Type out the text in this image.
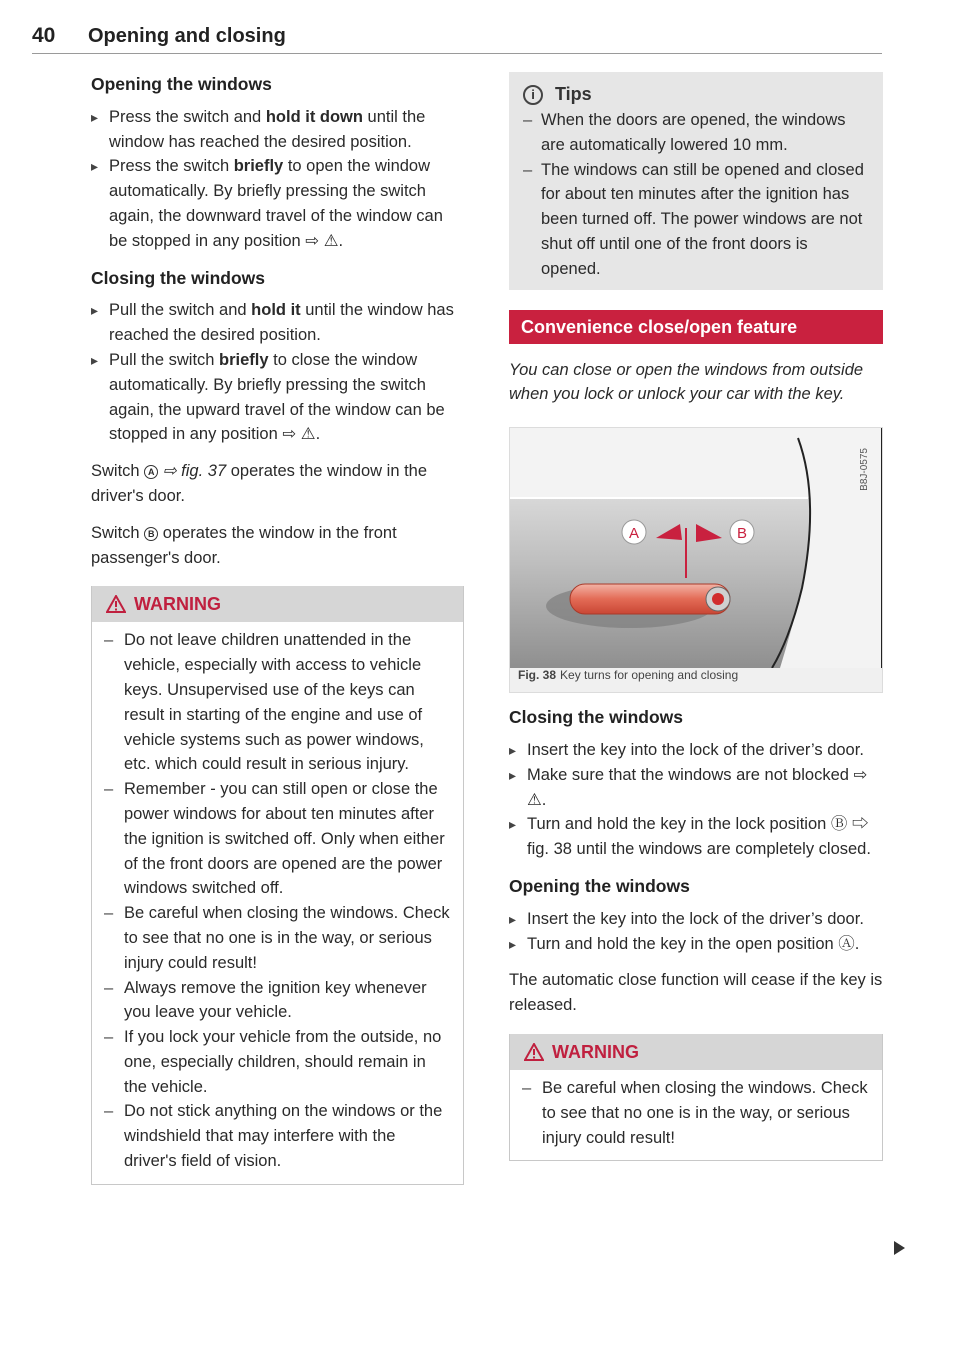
40 Opening and closing
Opening the windows
▸ Press the switch and hold it down until the window has reached the desired position.
▸ Press the switch briefly to open the window automatically. By briefly pressing the switch again, the downward travel of the window can be stopped in any position ⇨ ⚠.
Closing the windows
▸ Pull the switch and hold it until the window has reached the desired position.
▸ Pull the switch briefly to close the window automatically. By briefly pressing the switch again, the upward travel of the window can be stopped in any position ⇨ ⚠.

Switch A ⇨ fig. 37 operates the window in the driver's door.

Switch B operates the window in the front passenger's door.

WARNING
– Do not leave children unattended in the vehicle, especially with access to vehicle keys. Unsupervised use of the keys can result in starting of the engine and use of vehicle systems such as power windows, etc. which could result in serious injury.
– Remember - you can still open or close the power windows for about ten minutes after the ignition is switched off. Only when either of the front doors are opened are the power windows switched off.
– Be careful when closing the windows. Check to see that no one is in the way, or serious injury could result!
– Always remove the ignition key whenever you leave your vehicle.
– If you lock your vehicle from the outside, no one, especially children, should remain in the vehicle.
– Do not stick anything on the windows or the windshield that may interfere with the driver's field of vision.
i Tips
– When the doors are opened, the windows are automatically lowered 10 mm.
– The windows can still be opened and closed for about ten minutes after the ignition has been turned off. The power windows are not shut off until one of the front doors is opened.
Convenience close/open feature

You can close or open the windows from outside when you lock or unlock your car with the key.

A	B
B8J-0575
Fig. 38 Key turns for opening and closing
Closing the windows
▸ Insert the key into the lock of the driver’s door.
▸ Make sure that the windows are not blocked ⇨ ⚠.
▸ Turn and hold the key in the lock position Ⓑ ⇨ fig. 38 until the windows are completely closed.
Opening the windows
▸ Insert the key into the lock of the driver’s door.
▸ Turn and hold the key in the open position Ⓐ.

The automatic close function will cease if the key is released.

WARNING
– Be careful when closing the windows. Check to see that no one is in the way, or serious injury could result!
